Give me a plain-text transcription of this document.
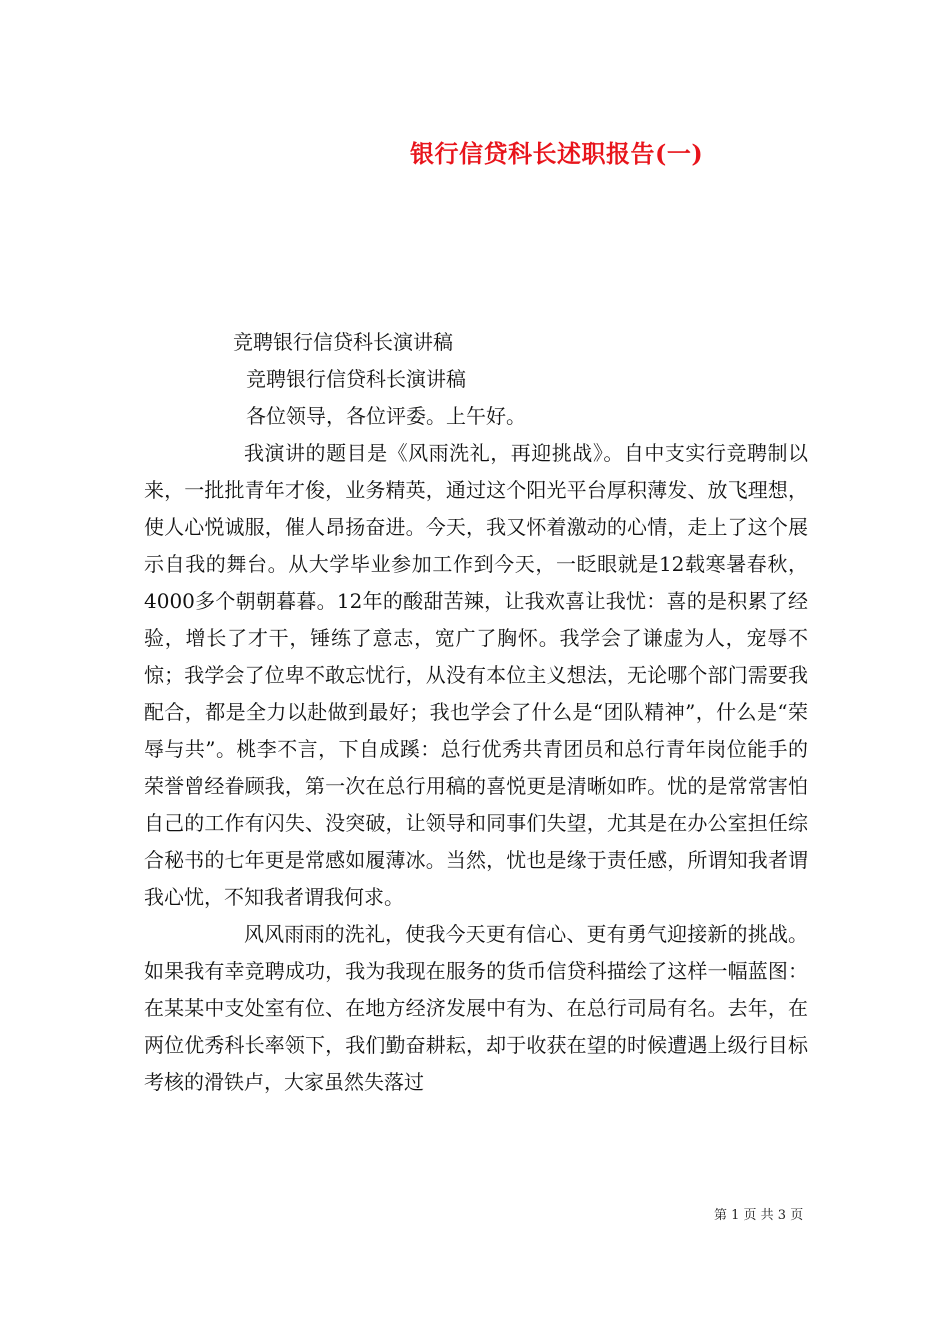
银行信贷科长述职报告(一)

竞聘银行信贷科长演讲稿

竞聘银行信贷科长演讲稿

各位领导，各位评委。上午好。

我演讲的题目是《风雨洗礼，再迎挑战》。自中支实行竞聘制以来，一批批青年才俊，业务精英，通过这个阳光平台厚积薄发、放飞理想，使人心悦诚服，催人昂扬奋进。今天，我又怀着激动的心情，走上了这个展示自我的舞台。从大学毕业参加工作到今天，一眨眼就是12载寒暑春秋，4000多个朝朝暮暮。12年的酸甜苦辣，让我欢喜让我忧：喜的是积累了经验，增长了才干，锤练了意志，宽广了胸怀。我学会了谦虚为人，宠辱不惊；我学会了位卑不敢忘忧行，从没有本位主义想法，无论哪个部门需要我配合，都是全力以赴做到最好；我也学会了什么是“团队精神”，什么是“荣辱与共”。桃李不言，下自成蹊：总行优秀共青团员和总行青年岗位能手的荣誉曾经眷顾我，第一次在总行用稿的喜悦更是清晰如昨。忧的是常常害怕自己的工作有闪失、没突破，让领导和同事们失望，尤其是在办公室担任综合秘书的七年更是常感如履薄冰。当然，忧也是缘于责任感，所谓知我者谓我心忧，不知我者谓我何求。

风风雨雨的洗礼，使我今天更有信心、更有勇气迎接新的挑战。如果我有幸竞聘成功，我为我现在服务的货币信贷科描绘了这样一幅蓝图：在某某中支处室有位、在地方经济发展中有为、在总行司局有名。去年，在两位优秀科长率领下，我们勤奋耕耘，却于收获在望的时候遭遇上级行目标考核的滑铁卢，大家虽然失落过

第 1 页 共 3 页
